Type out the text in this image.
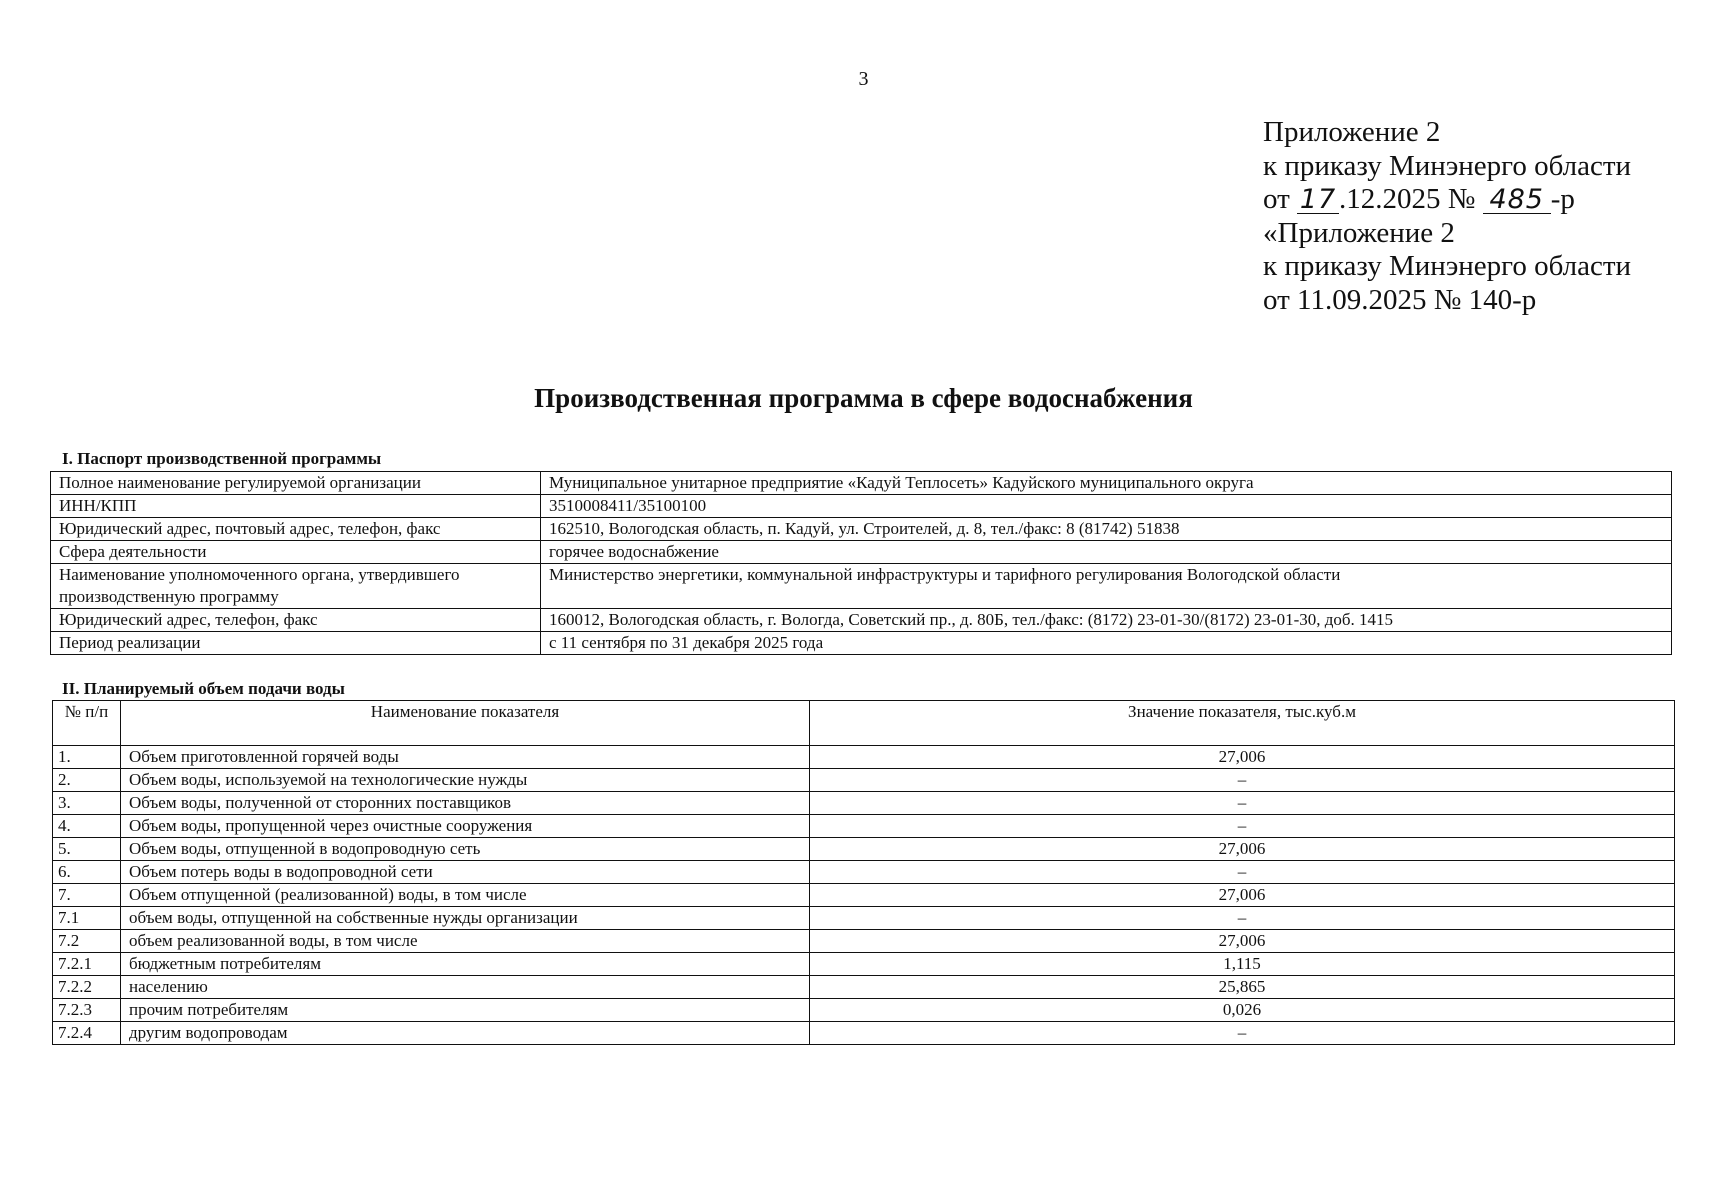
3
Приложение 2
к приказу Минэнерго области
от 17.12.2025 № 485 -р
«Приложение 2
к приказу Минэнерго области
от 11.09.2025 № 140-р
Производственная программа в сфере водоснабжения
I. Паспорт производственной программы
Полное наименование регулируемой организации	Муниципальное унитарное предприятие «Кадуй Теплосеть» Кадуйского муниципального округа
ИНН/КПП	3510008411/35100100
Юридический адрес, почтовый адрес, телефон, факс	162510, Вологодская область, п. Кадуй, ул. Строителей, д. 8, тел./факс: 8 (81742) 51838
Сфера деятельности	горячее водоснабжение
Наименование уполномоченного органа, утвердившего производственную программу	Министерство энергетики, коммунальной инфраструктуры и тарифного регулирования Вологодской области
Юридический адрес, телефон, факс	160012, Вологодская область, г. Вологда, Советский пр., д. 80Б, тел./факс: (8172) 23-01-30/(8172) 23-01-30, доб. 1415
Период реализации	с 11 сентября по 31 декабря 2025 года
II. Планируемый объем подачи воды
№ п/п	Наименование показателя	Значение показателя, тыс.куб.м
1.	Объем приготовленной горячей воды	27,006
2.	Объем воды, используемой на технологические нужды	–
3.	Объем воды, полученной от сторонних поставщиков	–
4.	Объем воды, пропущенной через очистные сооружения	–
5.	Объем воды, отпущенной в водопроводную сеть	27,006
6.	Объем потерь воды в водопроводной сети	–
7.	Объем отпущенной (реализованной) воды, в том числе	27,006
7.1	объем воды, отпущенной на собственные нужды организации	–
7.2	объем реализованной воды, в том числе	27,006
7.2.1	бюджетным потребителям	1,115
7.2.2	населению	25,865
7.2.3	прочим потребителям	0,026
7.2.4	другим водопроводам	–
